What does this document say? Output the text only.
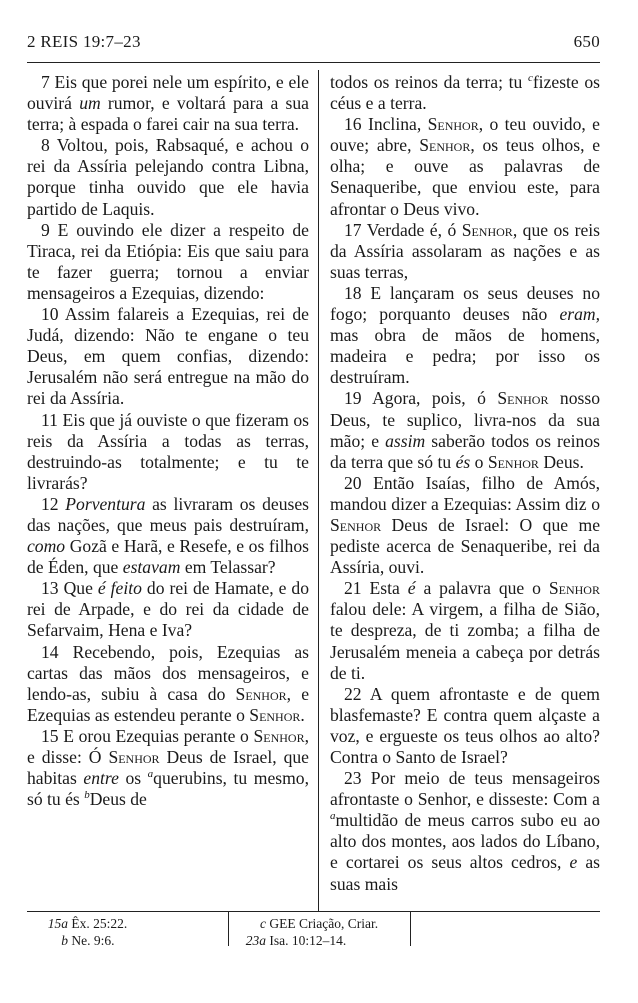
2 REIS 19:7–23	650

7 Eis que porei nele um espírito, e ele ouvirá um rumor, e voltará para a sua terra; à espada o farei cair na sua terra.

8 Voltou, pois, Rabsaqué, e achou o rei da Assíria pelejando contra Libna, porque tinha ouvido que ele havia partido de Laquis.

9 E ouvindo ele dizer a respeito de Tiraca, rei da Etiópia: Eis que saiu para te fazer guerra; tornou a enviar mensageiros a Ezequias, dizendo:

10 Assim falareis a Ezequias, rei de Judá, dizendo: Não te engane o teu Deus, em quem confias, dizendo: Jerusalém não será entregue na mão do rei da Assíria.

11 Eis que já ouviste o que fizeram os reis da Assíria a todas as terras, destruindo-as totalmente; e tu te livrarás?

12 Porventura as livraram os deuses das nações, que meus pais destruíram, como Gozã e Harã, e Resefe, e os filhos de Éden, que estavam em Telassar?

13 Que é feito do rei de Hamate, e do rei de Arpade, e do rei da cidade de Sefarvaim, Hena e Iva?

14 Recebendo, pois, Ezequias as cartas das mãos dos mensageiros, e lendo-as, subiu à casa do Senhor, e Ezequias as estendeu perante o Senhor.

15 E orou Ezequias perante o Senhor, e disse: Ó Senhor Deus de Israel, que habitas entre os $^a$querubins, tu mesmo, só tu és $^b$Deus de

todos os reinos da terra; tu $^c$fizeste os céus e a terra.

16 Inclina, Senhor, o teu ouvido, e ouve; abre, Senhor, os teus olhos, e olha; e ouve as palavras de Senaqueribe, que enviou este, para afrontar o Deus vivo.

17 Verdade é, ó Senhor, que os reis da Assíria assolaram as nações e as suas terras,

18 E lançaram os seus deuses no fogo; porquanto deuses não eram, mas obra de mãos de homens, madeira e pedra; por isso os destruíram.

19 Agora, pois, ó Senhor nosso Deus, te suplico, livra-nos da sua mão; e assim saberão todos os reinos da terra que só tu és o Senhor Deus.

20 Então Isaías, filho de Amós, mandou dizer a Ezequias: Assim diz o Senhor Deus de Israel: O que me pediste acerca de Senaqueribe, rei da Assíria, ouvi.

21 Esta é a palavra que o Senhor falou dele: A virgem, a filha de Sião, te despreza, de ti zomba; a filha de Jerusalém meneia a cabeça por detrás de ti.

22 A quem afrontaste e de quem blasfemaste? E contra quem alçaste a voz, e ergueste os teus olhos ao alto? Contra o Santo de Israel?

23 Por meio de teus mensageiros afrontaste o Senhor, e disseste: Com a $^a$multidão de meus carros subo eu ao alto dos montes, aos lados do Líbano, e cortarei os seus altos cedros, e as suas mais

15a Êx. 25:22.
b Ne. 9:6.
c GEE Criação, Criar.
23a Isa. 10:12–14.
